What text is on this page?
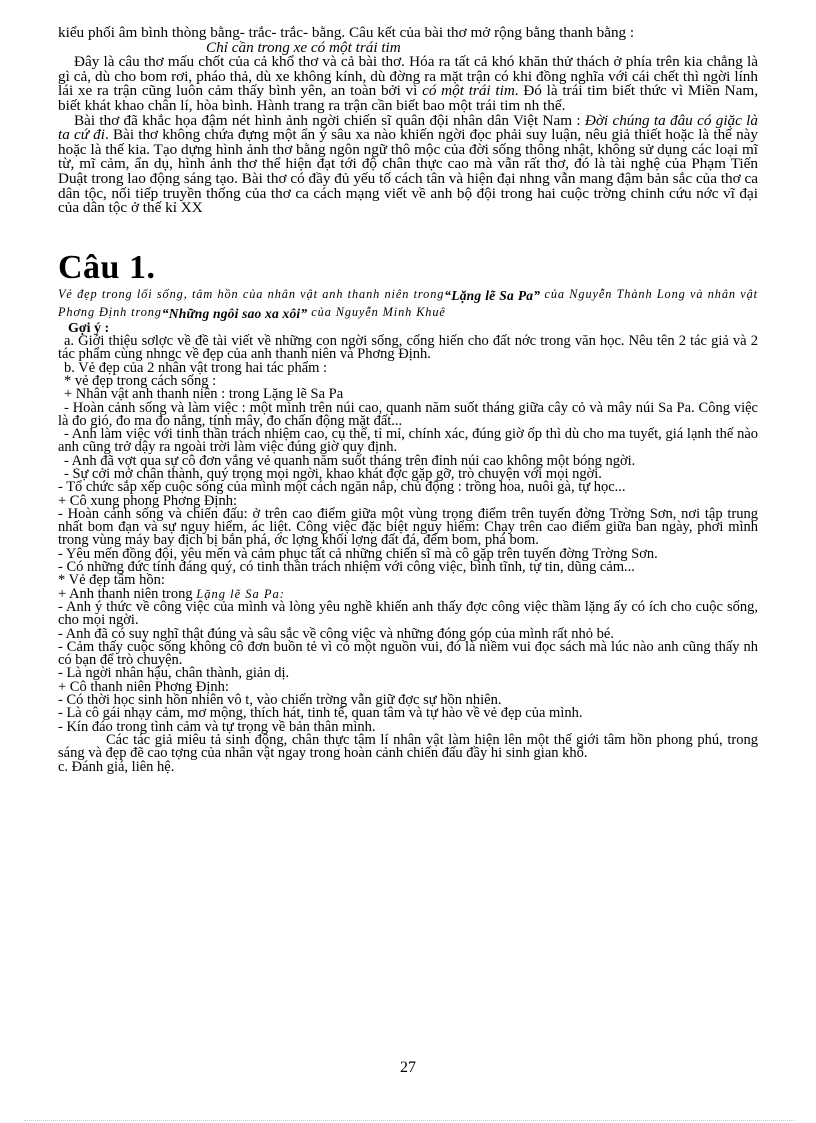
kiểu phối âm bình thòng bằng- trắc- trắc- bằng. Câu kết của bài thơ mở rộng bằng thanh bằng :

Chỉ cần trong xe có một trái tim

Đây là câu thơ mấu chốt của cả khổ thơ và cả bài thơ. Hóa ra tất cả khó khăn thử thách ở phía trên kia chẳng là gì cả, dù cho bom rơi, pháo thả, dù xe không kính, dù đờng ra mặt trận có khi đồng nghĩa với cái chết thì ngời lính lái xe ra trận cũng luôn cảm thấy bình yên, an toàn bởi vì có một trái tim. Đó là trái tim biết thức vì Miền Nam, biết khát khao chân lí, hòa bình. Hành trang ra trận cần biết bao một trái tim nh thế.

Bài thơ đã khắc họa đậm nét hình ảnh ngời chiến sĩ quân đội nhân dân Việt Nam : Đời chúng ta đâu có giặc là ta cứ đi. Bài thơ không chứa đựng một ẩn ý sâu xa nào khiến ngời đọc phải suy luận, nêu giả thiết hoặc là thế này hoặc là thế kia. Tạo dựng hình ảnh thơ bằng ngôn ngữ thô mộc của đời sống thông nhật, không sử dụng các loại mĩ từ, mĩ cảm, ẩn dụ, hình ảnh thơ thể hiện đạt tới độ chân thực cao mà vẫn rất thơ, đó là tài nghệ của Phạm Tiến Duật trong lao động sáng tạo. Bài thơ có đầy đủ yếu tố cách tân và hiện đại nhng vẫn mang đậm bản sắc của thơ ca dân tộc, nối tiếp truyền thống của thơ ca cách mạng viết về anh bộ đội trong hai cuộc trờng chinh cứu nớc vĩ đại của dân tộc ở thế kỉ XX

Câu 1.

Vẻ đẹp trong lối sống, tâm hồn của nhân vật anh thanh niên trong“Lặng lẽ Sa Pa” của Nguyễn Thành Long và nhân vật Phơng Định trong“Những ngôi sao xa xôi” của Nguyễn Minh Khuê

Gợi ý :

a. Giới thiệu sơlợc về đề tài viết về những con ngời sống, cống hiến cho đất nớc trong văn học. Nêu tên 2 tác giả và 2 tác phẩm cùng nhngc về đẹp của anh thanh niên và Phơng Định.

b. Vẻ đẹp của 2 nhân vật trong hai tác phẩm :

* vẻ đẹp trong cách sống :

+ Nhân vật anh thanh niên : trong Lặng lẽ Sa Pa

- Hoàn cảnh sống và làm việc : một mình trên núi cao, quanh năm suốt tháng giữa cây cỏ và mây núi Sa Pa. Công việc là đo gió, đo ma đo nắng, tính mây, đo chấn động mặt đất...

- Anh làm việc với tinh thần trách nhiệm cao, cụ thể, tỉ mỉ, chính xác, đúng giờ ốp thì dù cho ma tuyết, giá lạnh thế nào anh cũng trở dậy ra ngoài trời làm việc đúng giờ quy định.

- Anh đã vợt qua sự cô đơn vắng vẻ quanh năm suốt tháng trên đỉnh núi cao không một bóng ngời.

- Sự cởi mở chân thành, quý trọng mọi ngời, khao khát đợc gặp gỡ, trò chuyện với mọi ngời.

- Tổ chức sắp xếp cuộc sống của mình một cách ngăn nắp, chủ động : trồng hoa, nuôi gà, tự học...

+ Cô xung phong Phơng Định:

- Hoàn cảnh sống và chiến đấu: ở trên cao điểm giữa một vùng trọng điểm trên tuyến đờng Trờng Sơn, nơi tập trung nhất bom đạn và sự nguy hiểm, ác liệt. Công việc đặc biệt nguy hiểm: Chạy trên cao điểm giữa ban ngày, phơi mình trong vùng máy bay địch bị bắn phá, ớc lợng khối lợng đất đá, đếm bom, phá bom.

- Yêu mến đồng đội, yêu mến và cảm phục tất cả những chiến sĩ mà cô gặp trên tuyến đờng Trờng Sơn.

- Có những đức tính đáng quý, có tinh thần trách nhiệm với công việc, bình tĩnh, tự tin, dũng cảm...

* Vẻ đẹp tâm hồn:

+ Anh thanh niên trong Lặng lẽ Sa Pa:

- Anh ý thức về công việc của mình và lòng yêu nghề khiến anh thấy đợc công việc thầm lặng ấy có ích cho cuộc sống, cho mọi ngời.

- Anh đã có suy nghĩ thật đúng và sâu sắc về công việc và những đóng góp của mình rất nhỏ bé.

- Cảm thấy cuộc sống không cô đơn buồn tẻ vì có một nguồn vui, đó là niềm vui đọc sách mà lúc nào anh cũng thấy nh có bạn để trò chuyện.

- Là ngời nhân hậu, chân thành, giản dị.

+ Cô thanh niên Phơng Định:

- Có thời học sinh hồn nhiên vô t, vào chiến trờng vẫn giữ đợc sự hồn nhiên.

- Là cô gái nhạy cảm, mơ mộng, thích hát, tinh tế, quan tâm và tự hào về vẻ đẹp của mình.

- Kín đáo trong tình cảm và tự trọng về bản thân mình.

Các tác giả miêu tả sinh động, chân thực tâm lí nhân vật làm hiện lên một thế giới tâm hồn phong phú, trong sáng và đẹp đẽ cao tợng của nhân vật ngay trong hoàn cảnh chiến đấu đầy hi sinh gian khổ.

c. Đánh giá, liên hệ.

27
